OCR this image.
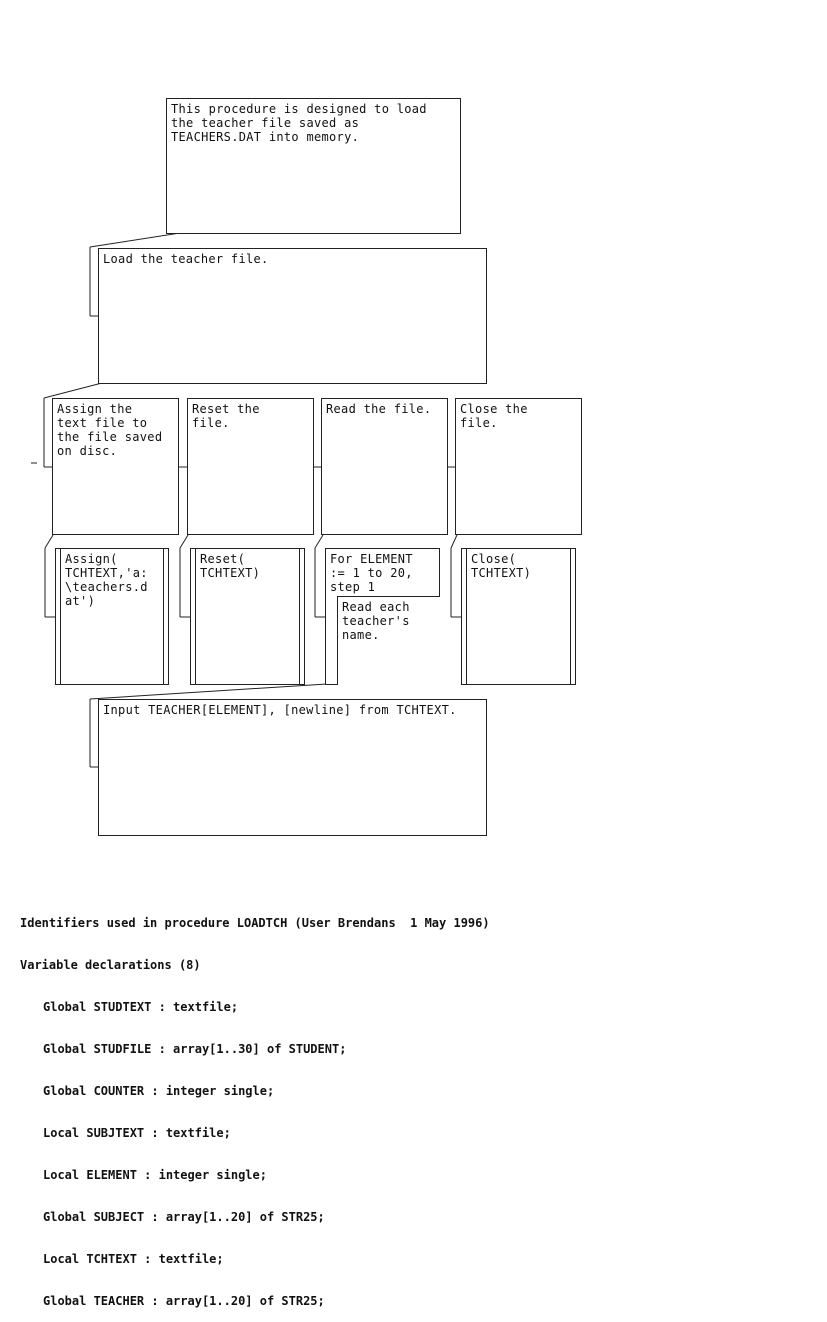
This procedure is designed to load
the teacher file saved as
TEACHERS.DAT into memory.
Load the teacher file.
Assign the
text file to
the file saved
on disc.
Reset the
file.
Read the file.	Close the
file.
Assign(
TCHTEXT,'a:
\teachers.d
at')
Reset(
TCHTEXT)
For ELEMENT
:= 1 to 20,
step 1
Read each
teacher's
name.
Close(
TCHTEXT)
Input TEACHER[ELEMENT], [newline] from TCHTEXT.

Identifiers used in procedure LOADTCH (User Brendans  1 May 1996)

Variable declarations (8)

Global STUDTEXT : textfile;

Global STUDFILE : array[1..30] of STUDENT;

Global COUNTER : integer single;

Local SUBJTEXT : textfile;

Local ELEMENT : integer single;

Global SUBJECT : array[1..20] of STR25;

Local TCHTEXT : textfile;

Global TEACHER : array[1..20] of STR25;
